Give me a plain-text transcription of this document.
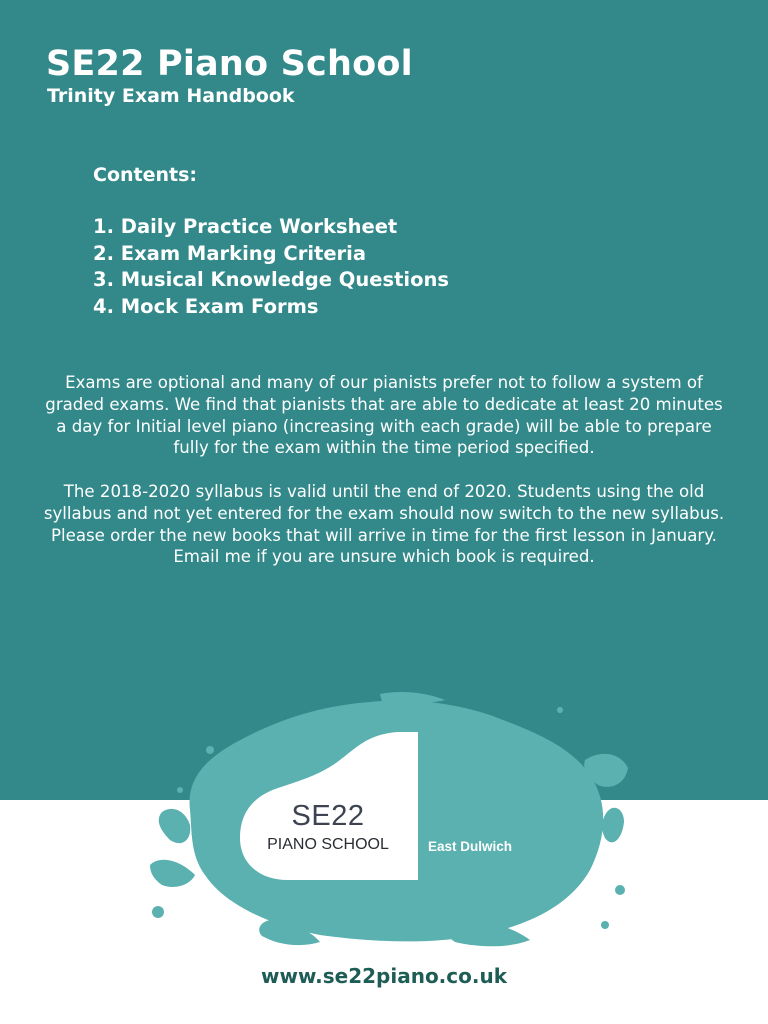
SE22 Piano School
Trinity Exam Handbook
Contents:
1. Daily Practice Worksheet
2. Exam Marking Criteria
3. Musical Knowledge Questions
4. Mock Exam Forms

Exams are optional and many of our pianists prefer not to follow a system of graded exams. We find that pianists that are able to dedicate at least 20 minutes a day for Initial level piano (increasing with each grade) will be able to prepare fully for the exam within the time period specified.

The 2018-2020 syllabus is valid until the end of 2020. Students using the old syllabus and not yet entered for the exam should now switch to the new syllabus. Please order the new books that will arrive in time for the first lesson in January. Email me if you are unsure which book is required.

SE22
PIANO SCHOOL	East Dulwich
www.se22piano.co.uk
